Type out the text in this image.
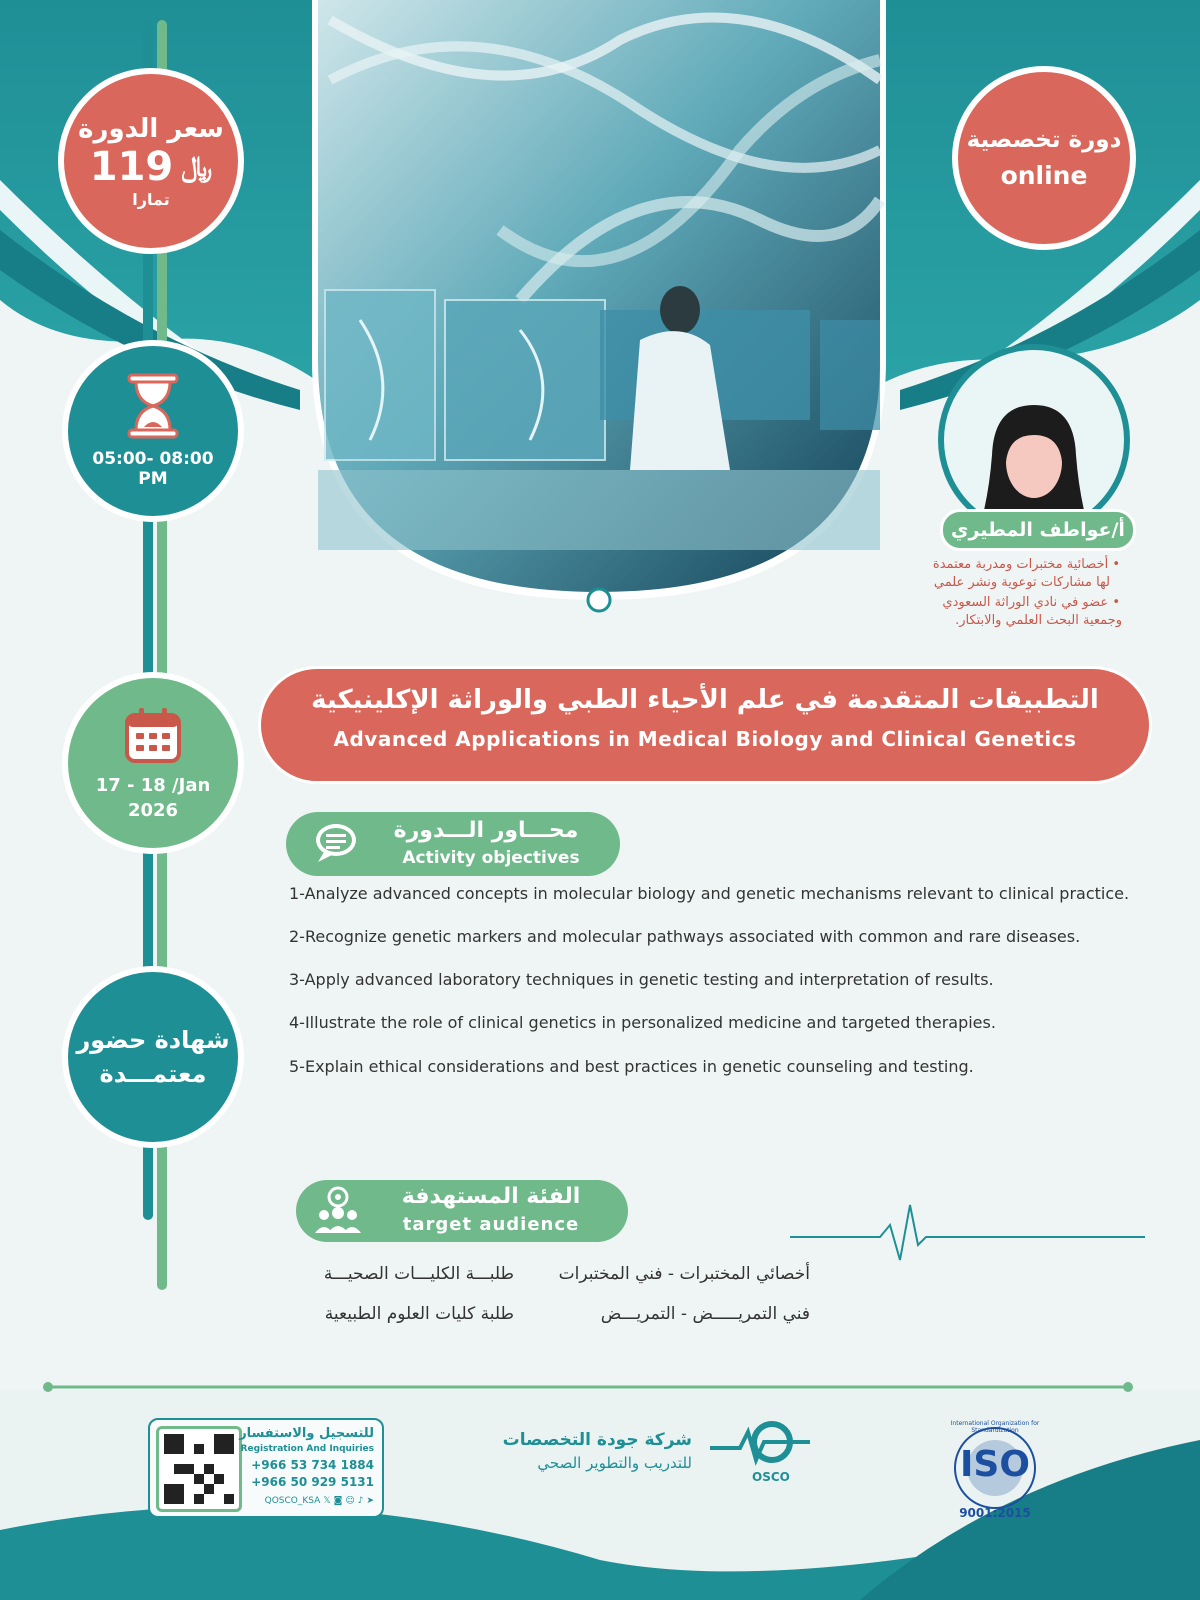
سعر الدورة
119 ﷼
تمارا
دورة تخصصية
online
05:00- 08:00
PM
17 - 18 /Jan
2026
شهادة حضور
معتمـــدة
أ/عواطف المطيري
• أخصائية مختبرات ومدربة معتمدة
لها مشاركات توعوية ونشر علمي
• عضو في نادي الوراثة السعودي
وجمعية البحث العلمي والابتكار.
التطبيقات المتقدمة في علم الأحياء الطبي والوراثة الإكلينيكية
Advanced Applications in Medical Biology and Clinical Genetics
محـــاور الـــدورة
Activity objectives
1-Analyze advanced concepts in molecular biology and genetic mechanisms relevant to clinical practice.
2-Recognize genetic markers and molecular pathways associated with common and rare diseases.
3-Apply advanced laboratory techniques in genetic testing and interpretation of results.
4-Illustrate the role of clinical genetics in personalized medicine and targeted therapies.
5-Explain ethical considerations and best practices in genetic counseling and testing.
الفئة المستهدفة
target audience
أخصائي المختبرات - فني المختبرات
فني التمريـــــض - التمريـــض
طلبـــة الكليـــات الصحيـــة
طلبة كليات العلوم الطبيعية
للتسجيل والاستفسار
Registration And Inquiries
+966 53 734 1884
+966 50 929 5131
QOSCO_KSA 𝕏 ◙ ☺ ♪ ➤
شركة جودة التخصصات
للتدريب والتطوير الصحي
OSCO
International Organization for Standardization
ISO
9001:2015
